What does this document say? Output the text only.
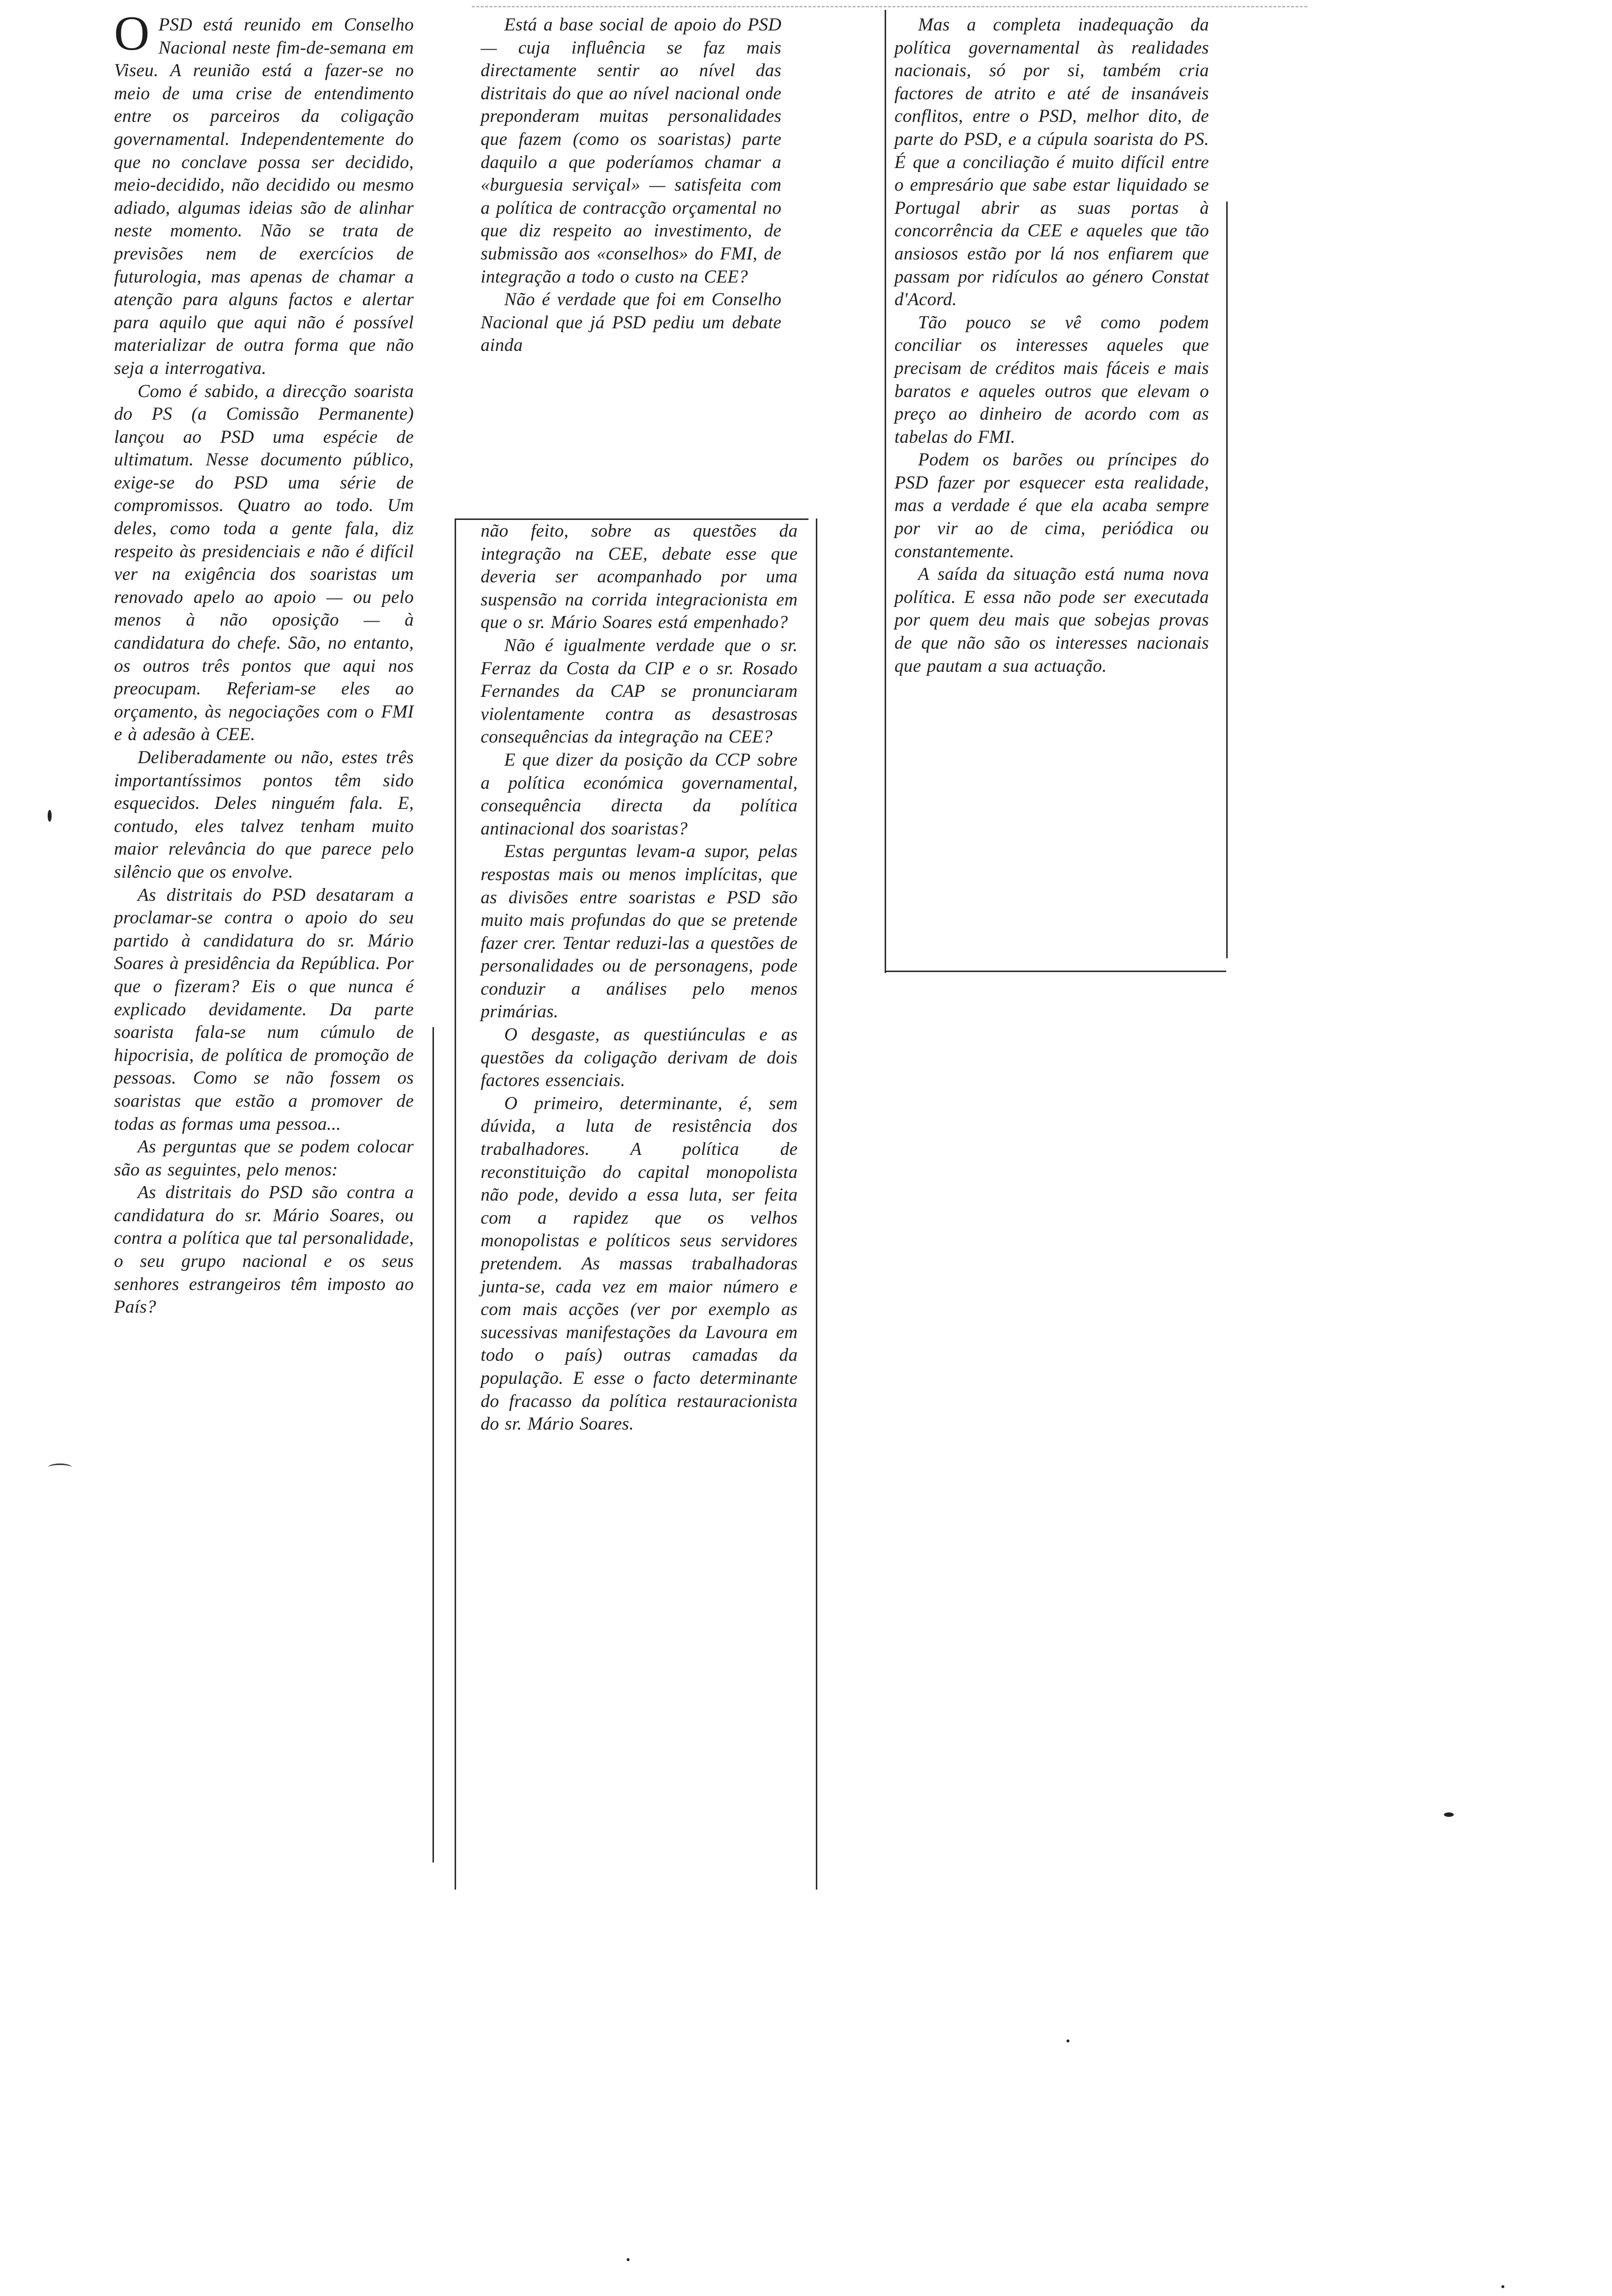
OPSD está reunido em Conselho Nacional neste fim-de-semana em Viseu. A reunião está a fazer-se no meio de uma crise de entendimento entre os parceiros da coligação governamental. Independentemente do que no conclave possa ser decidido, meio-decidido, não decidido ou mesmo adiado, algumas ideias são de alinhar neste momento. Não se trata de previsões nem de exercícios de futurologia, mas apenas de chamar a atenção para alguns factos e alertar para aquilo que aqui não é possível materializar de outra forma que não seja a interrogativa.

Como é sabido, a direcção soarista do PS (a Comissão Permanente) lançou ao PSD uma espécie de ultimatum. Nesse documento público, exige-se do PSD uma série de compromissos. Quatro ao todo. Um deles, como toda a gente fala, diz respeito às presidenciais e não é difícil ver na exigência dos soaristas um renovado apelo ao apoio — ou pelo menos à não oposição — à candidatura do chefe. São, no entanto, os outros três pontos que aqui nos preocupam. Referiam-se eles ao orçamento, às negociações com o FMI e à adesão à CEE.

Deliberadamente ou não, estes três importantíssimos pontos têm sido esquecidos. Deles ninguém fala. E, contudo, eles talvez tenham muito maior relevância do que parece pelo silêncio que os envolve.

As distritais do PSD desataram a proclamar-se contra o apoio do seu partido à candidatura do sr. Mário Soares à presidência da República. Por que o fizeram? Eis o que nunca é explicado devidamente. Da parte soarista fala-se num cúmulo de hipocrisia, de política de promoção de pessoas. Como se não fossem os soaristas que estão a promover de todas as formas uma pessoa...

As perguntas que se podem colocar são as seguintes, pelo menos:

As distritais do PSD são contra a candidatura do sr. Mário Soares, ou contra a política que tal personalidade, o seu grupo nacional e os seus senhores estrangeiros têm imposto ao País?

Está a base social de apoio do PSD — cuja influência se faz mais directamente sentir ao nível das distritais do que ao nível nacional onde preponderam muitas personalidades que fazem (como os soaristas) parte daquilo a que poderíamos chamar a «burguesia serviçal» — satisfeita com a política de contracção orçamental no que diz respeito ao investimento, de submissão aos «conselhos» do FMI, de integração a todo o custo na CEE?

Não é verdade que foi em Conselho Nacional que já PSD pediu um debate ainda

não feito, sobre as questões da integração na CEE, debate esse que deveria ser acompanhado por uma suspensão na corrida integracionista em que o sr. Mário Soares está empenhado?

Não é igualmente verdade que o sr. Ferraz da Costa da CIP e o sr. Rosado Fernandes da CAP se pronunciaram violentamente contra as desastrosas consequências da integração na CEE?

E que dizer da posição da CCP sobre a política económica governamental, consequência directa da política antinacional dos soaristas?

Estas perguntas levam-a supor, pelas respostas mais ou menos implícitas, que as divisões entre soaristas e PSD são muito mais profundas do que se pretende fazer crer. Tentar reduzi-las a questões de personalidades ou de personagens, pode conduzir a análises pelo menos primárias.

O desgaste, as questiúnculas e as questões da coligação derivam de dois factores essenciais.

O primeiro, determinante, é, sem dúvida, a luta de resistência dos trabalhadores. A política de reconstituição do capital monopolista não pode, devido a essa luta, ser feita com a rapidez que os velhos monopolistas e políticos seus servidores pretendem. As massas trabalhadoras junta-se, cada vez em maior número e com mais acções (ver por exemplo as sucessivas manifestações da Lavoura em todo o país) outras camadas da população. E esse o facto determinante do fracasso da política restauracionista do sr. Mário Soares.

Mas a completa inadequação da política governamental às realidades nacionais, só por si, também cria factores de atrito e até de insanáveis conflitos, entre o PSD, melhor dito, de parte do PSD, e a cúpula soarista do PS. É que a conciliação é muito difícil entre o empresário que sabe estar liquidado se Portugal abrir as suas portas à concorrência da CEE e aqueles que tão ansiosos estão por lá nos enfiarem que passam por ridículos ao género Constat d'Acord.

Tão pouco se vê como podem conciliar os interesses aqueles que precisam de créditos mais fáceis e mais baratos e aqueles outros que elevam o preço ao dinheiro de acordo com as tabelas do FMI.

Podem os barões ou príncipes do PSD fazer por esquecer esta realidade, mas a verdade é que ela acaba sempre por vir ao de cima, periódica ou constantemente.

A saída da situação está numa nova política. E essa não pode ser executada por quem deu mais que sobejas provas de que não são os interesses nacionais que pautam a sua actuação.
